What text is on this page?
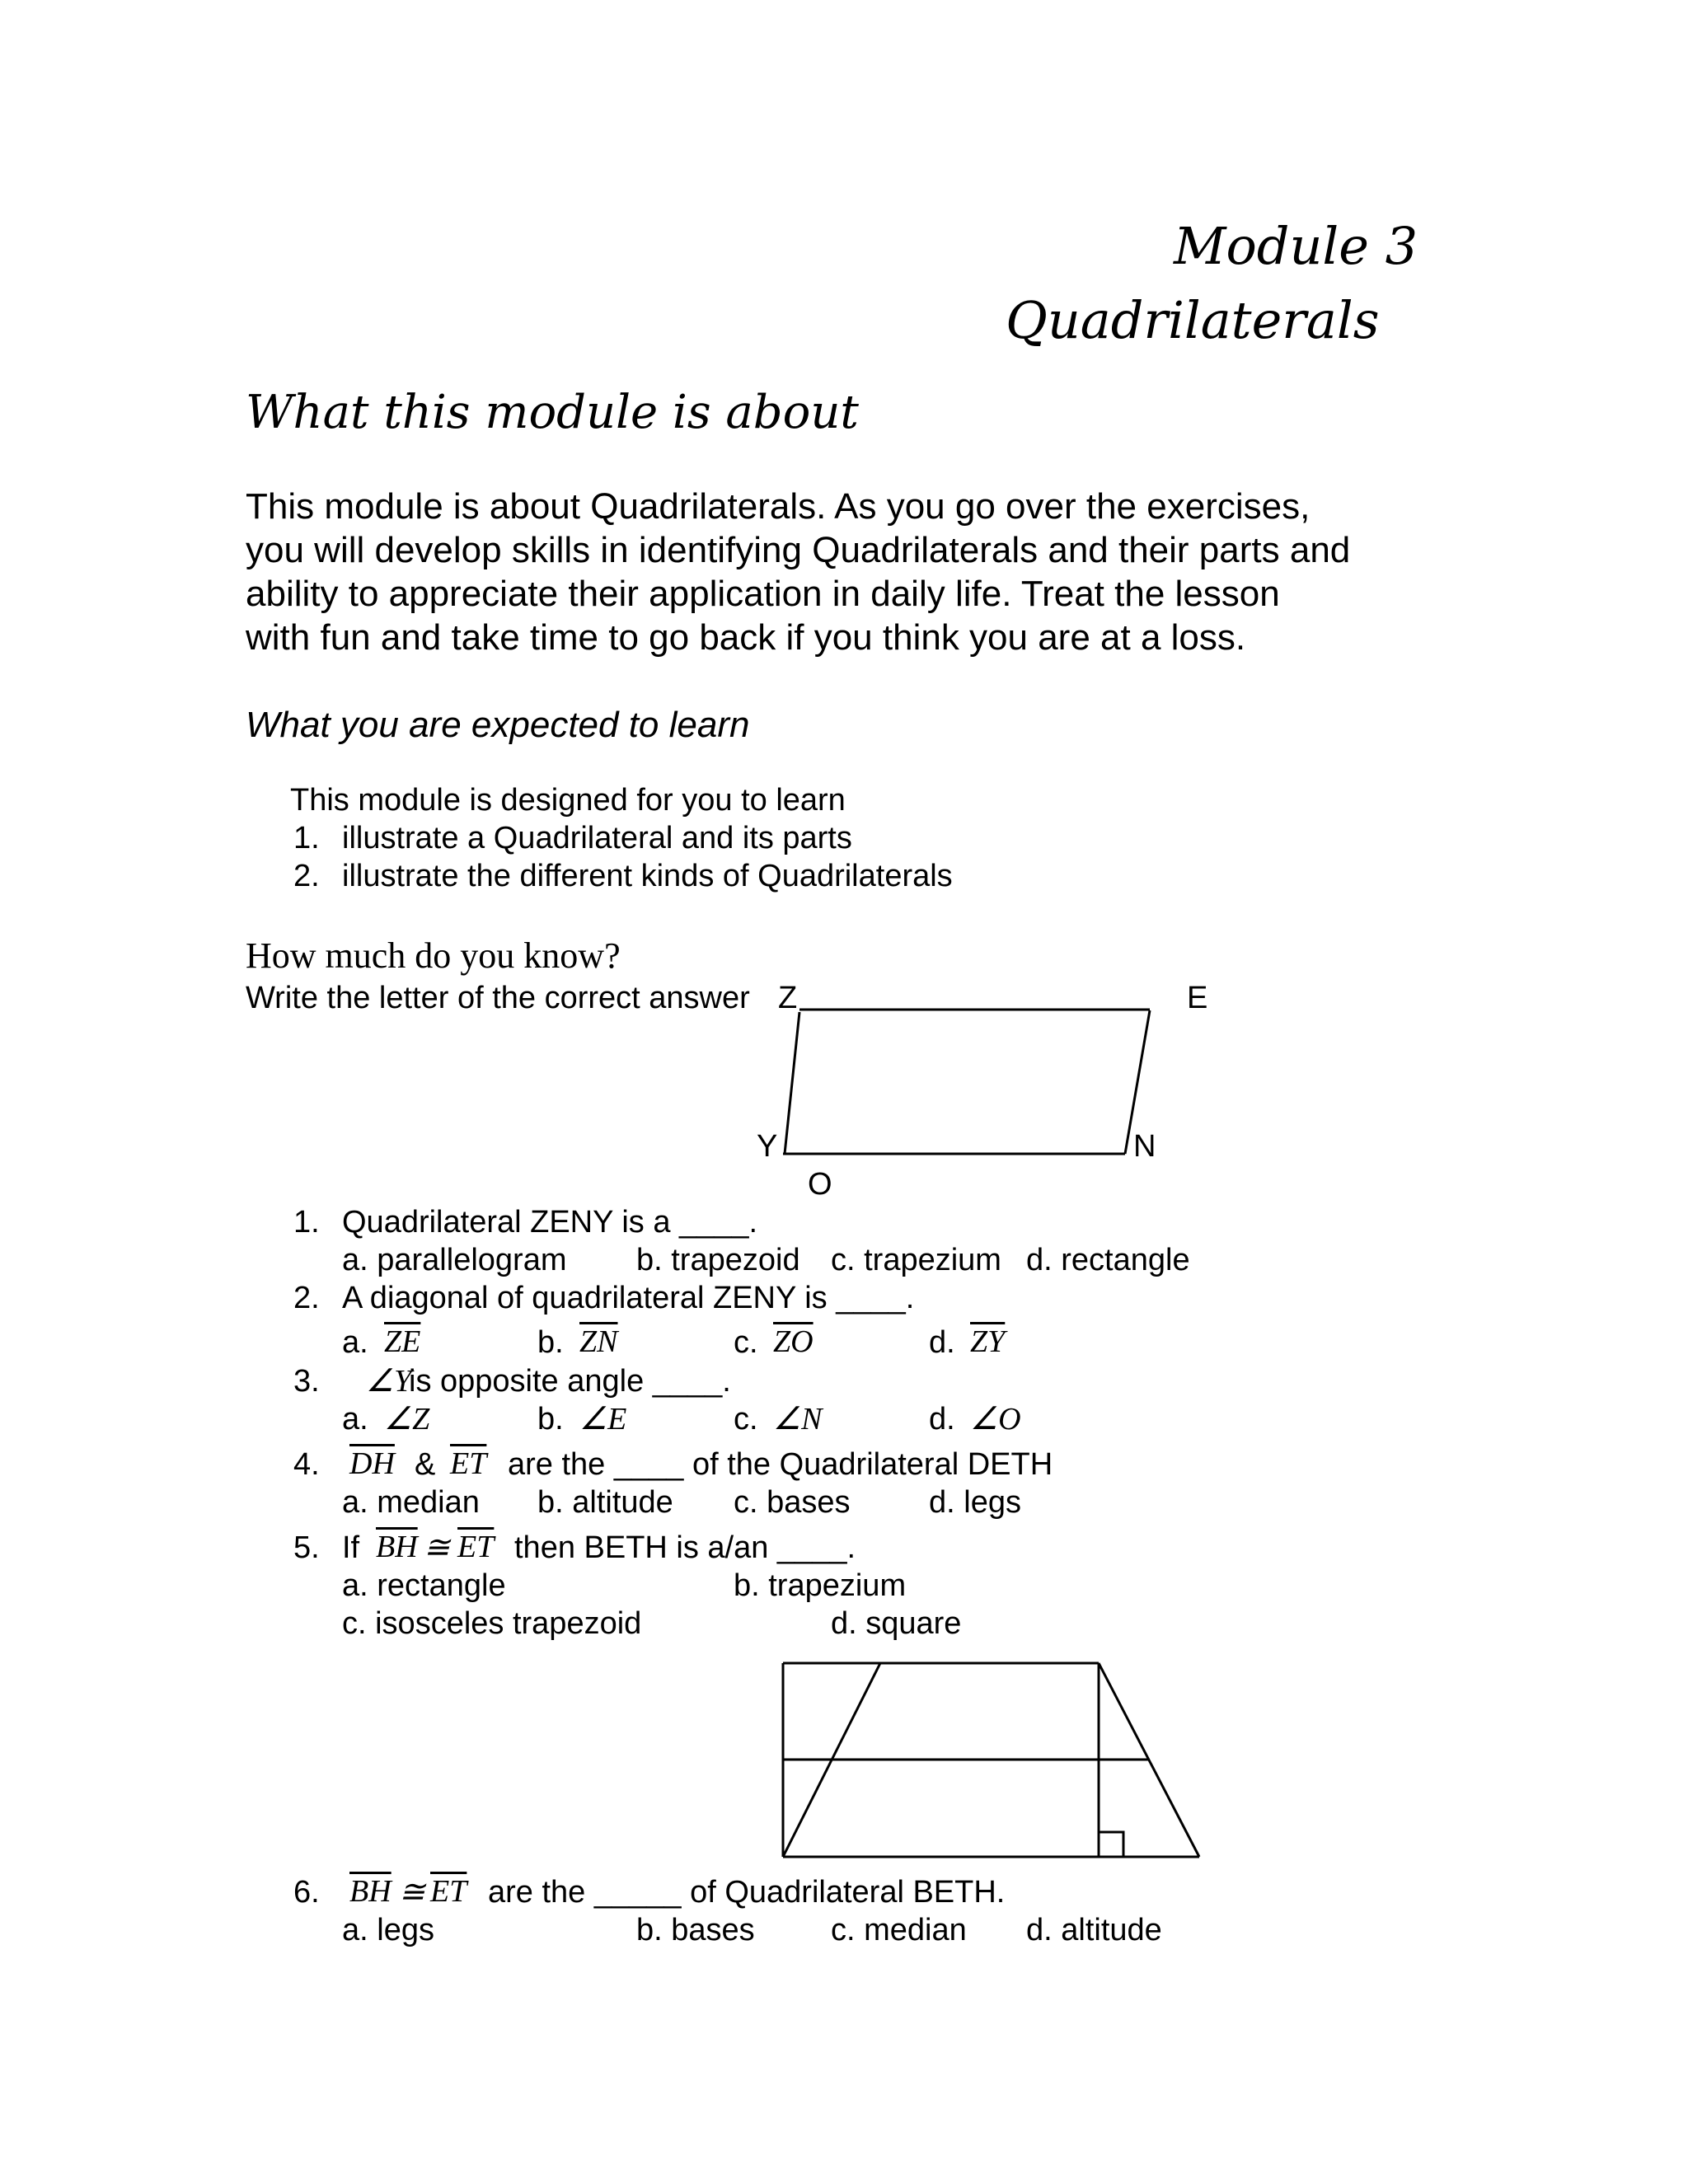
Module 3
Quadrilaterals
What this module is about
This module is about Quadrilaterals. As you go over the exercises,
you will develop skills in identifying Quadrilaterals and their parts and
ability to appreciate their application in daily life. Treat the lesson
with fun and take time to go back if you think you are at a loss.
What you are expected to learn
This module is designed for you to learn
1. illustrate a Quadrilateral and its parts
2. illustrate the different kinds of Quadrilaterals
How much do you know?
Write the letter of the correct answer Z	E
Y	N
O
1. Quadrilateral ZENY is a ____.
a. parallelogram b. trapezoid c. trapezium d. rectangle
2. A diagonal of quadrilateral ZENY is ____.
a. $\overline{ZE}$	b. $\overline{ZN}$	c. $\overline{ZO}$	d. $\overline{ZY}$
3. ∠Y
is opposite angle ____.
a. ∠Z	b. ∠E	c. ∠N	d. ∠O
4. $\overline{DH}$ & $\overline{ET}$ are the ____ of the Quadrilateral DETH
a. median b. altitude c. bases	d. legs
5. If $\overline{BH}$ ≅ $\overline{ET}$ then BETH is a/an ____.
a. rectangle	b. trapezium
c. isosceles trapezoid	d. square
6. $\overline{BH}$ ≅ $\overline{ET}$ are the _____ of Quadrilateral BETH.
a. legs	b. bases c. median d. altitude
